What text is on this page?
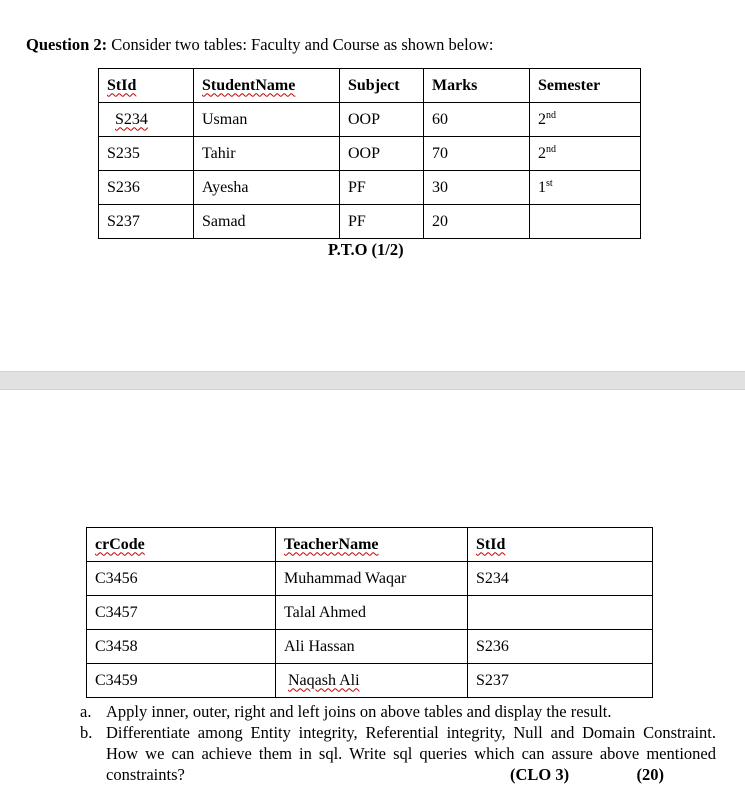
Question 2: Consider two tables: Faculty and Course as shown below:
StId	StudentName	Subject	Marks	Semester
S234	Usman	OOP	60	2nd
S235	Tahir	OOP	70	2nd
S236	Ayesha	PF	30	1st
S237	Samad	PF	20	
P.T.O (1/2)
crCode	TeacherName	StId
C3456	Muhammad Waqar	S234
C3457	Talal Ahmed	
C3458	Ali Hassan	S236
C3459	Naqash Ali	S237
a. Apply inner, outer, right and left joins on above tables and display the result.
b. Differentiate among Entity integrity, Referential integrity, Null and Domain Constraint. How we can achieve them in sql. Write sql queries which can assure above mentioned constraints?	(CLO 3)	(20)
